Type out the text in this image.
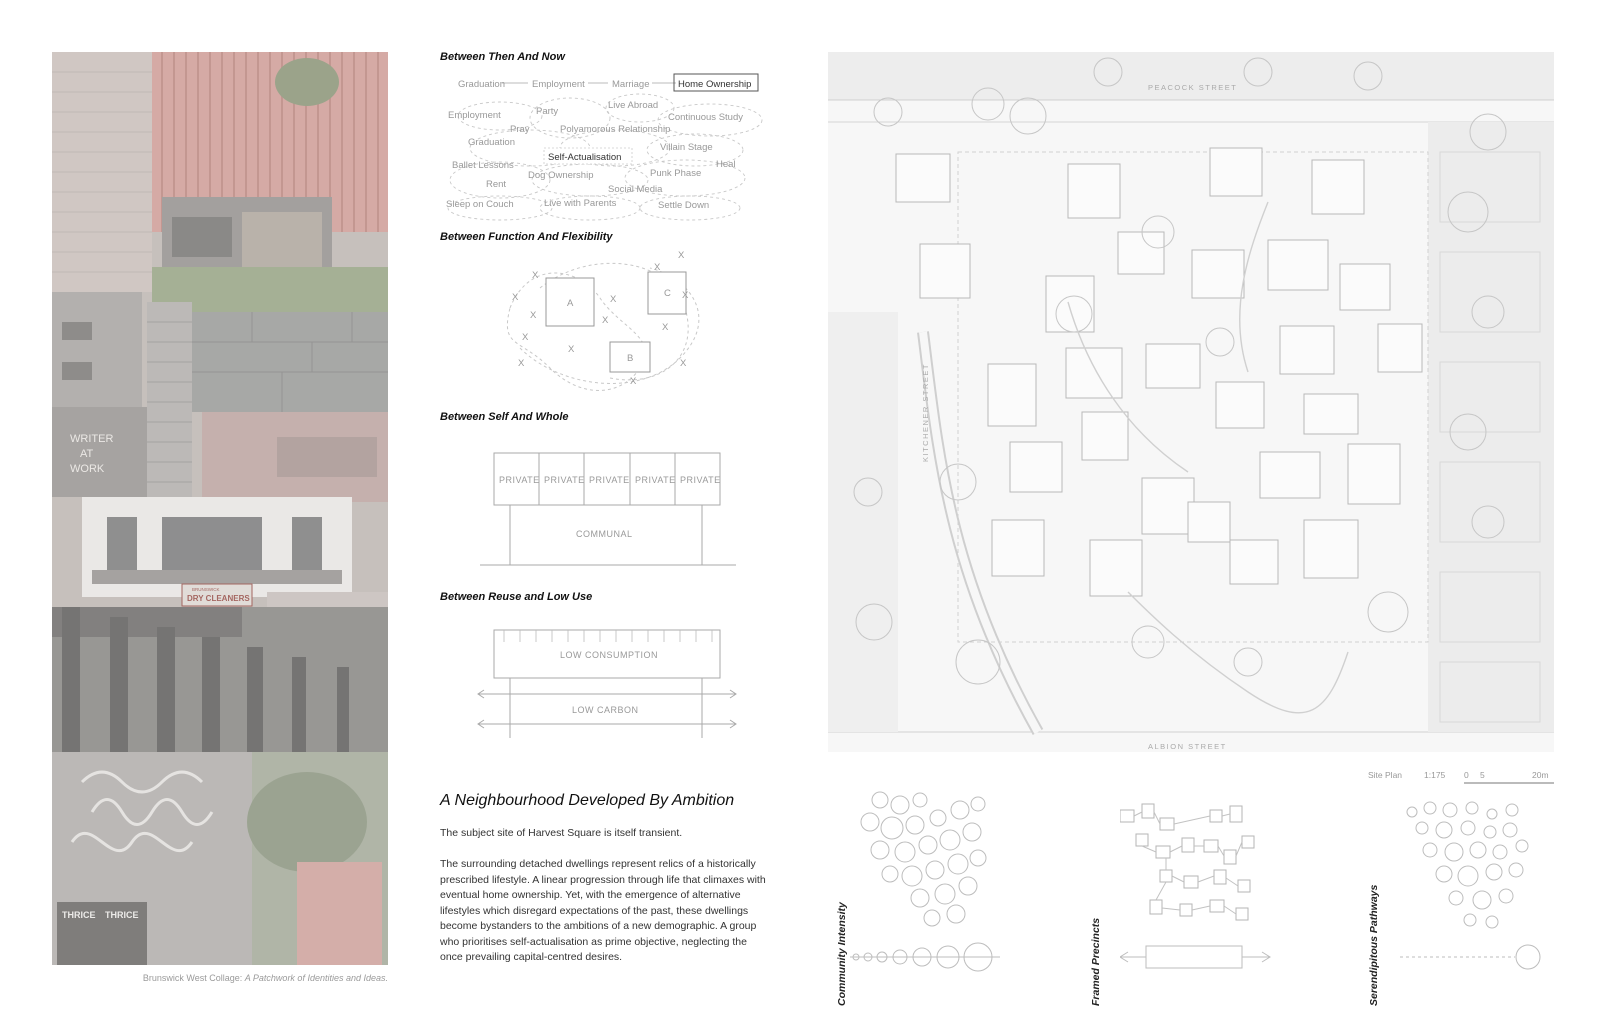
WRITER
AT
WORK
BRUNSWICK
DRY CLEANERS
THRICE THRICE
Brunswick West Collage: A Patchwork of Identities and Ideas.
Between Then And Now
Graduation	Employment	Marriage	Home Ownership
Employment	Party
Live Abroad
Continuous Study
Pray	Polyamorous Relationship
Graduation	Villain Stage
Ballet Lessons
Self-Actualisation
Heal
Rent
Dog Ownership	Punk Phase
Social Media
Sleep on Couch	Live with Parents	Settle Down
Between Function And Flexibility
A
B
C
X
X
X
X
X
X
X
X
X
X
X
X
X
X
Between Self And Whole
PRIVATE PRIVATE PRIVATE PRIVATE PRIVATE
COMMUNAL
Between Reuse and Low Use
LOW CONSUMPTION
LOW CARBON
A Neighbourhood Developed By Ambition
The subject site of Harvest Square is itself transient.
The surrounding detached dwellings represent relics of a historically prescribed lifestyle. A linear progression through life that climaxes with eventual home ownership. Yet, with the emergence of alternative lifestyles which disregard expectations of the past, these dwellings become bystanders to the ambitions of a new demographic. A group who prioritises self-actualisation as prime objective, neglecting the once prevailing capital-centred desires.
PEACOCK STREET
KITCHENER STREET
ALBION STREET
Site Plan	1:175 0 5	20m
Community Intensity	Framed Precincts	Serendipitous Pathways
